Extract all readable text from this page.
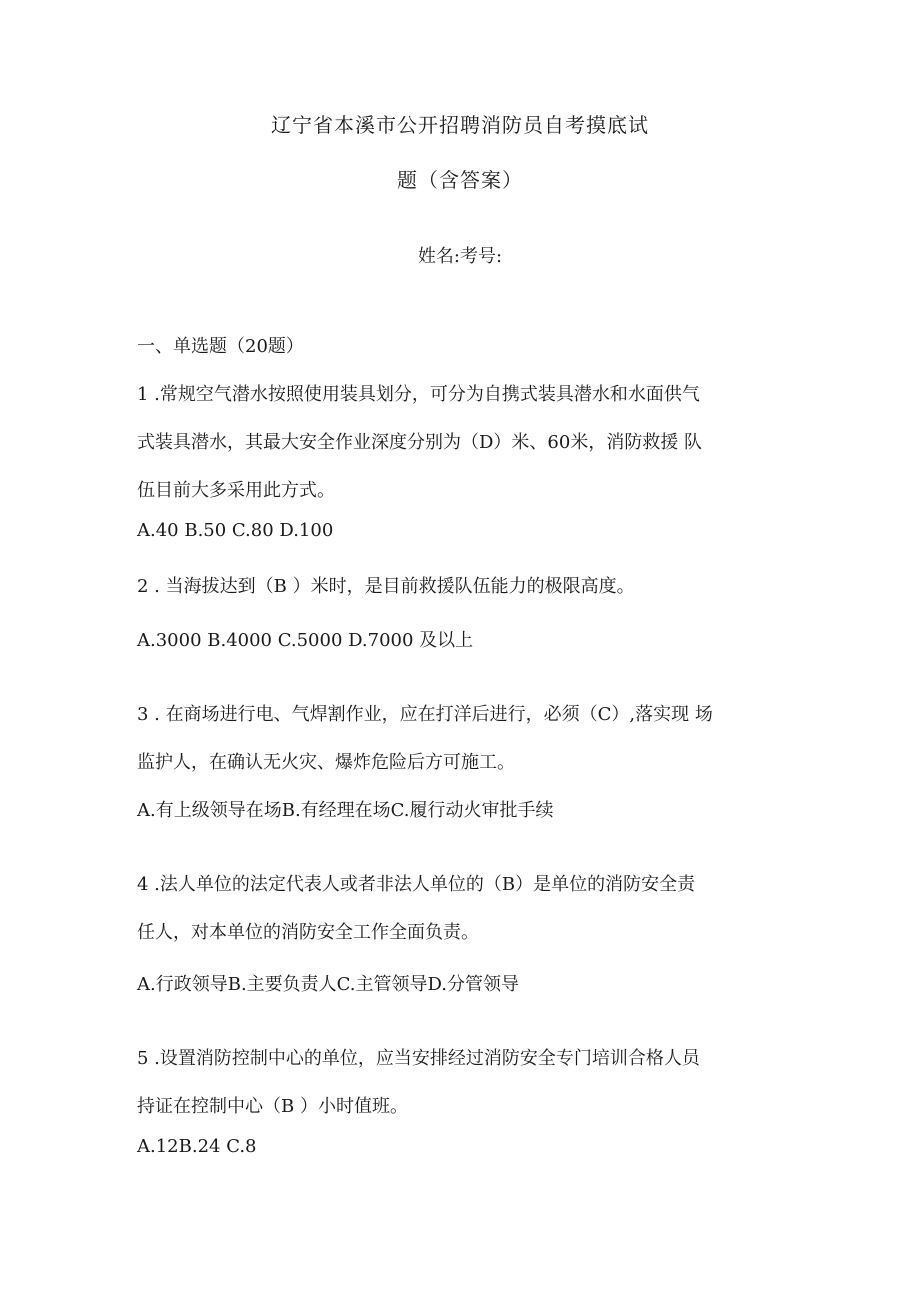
辽宁省本溪市公开招聘消防员自考摸底试
题（含答案）
姓名:考号:
一、单选题（20题）
1 .常规空气潜水按照使用装具划分，可分为自携式装具潜水和水面供气
式装具潜水，其最大安全作业深度分别为（D）米、60米，消防救援 队
伍目前大多采用此方式。
A.40 B.50 C.80 D.100
2 . 当海拔达到（B ）米时，是目前救援队伍能力的极限高度。
A.3000 B.4000 C.5000 D.7000 及以上
3 . 在商场进行电、气焊割作业，应在打洋后进行，必须（C）,落实现 场
监护人，在确认无火灾、爆炸危险后方可施工。
A.有上级领导在场B.有经理在场C.履行动火审批手续
4 .法人单位的法定代表人或者非法人单位的（B）是单位的消防安全责
任人，对本单位的消防安全工作全面负责。
A.行政领导B.主要负责人C.主管领导D.分管领导
5 .设置消防控制中心的单位，应当安排经过消防安全专门培训合格人员
持证在控制中心（B ）小时值班。
A.12B.24 C.8
